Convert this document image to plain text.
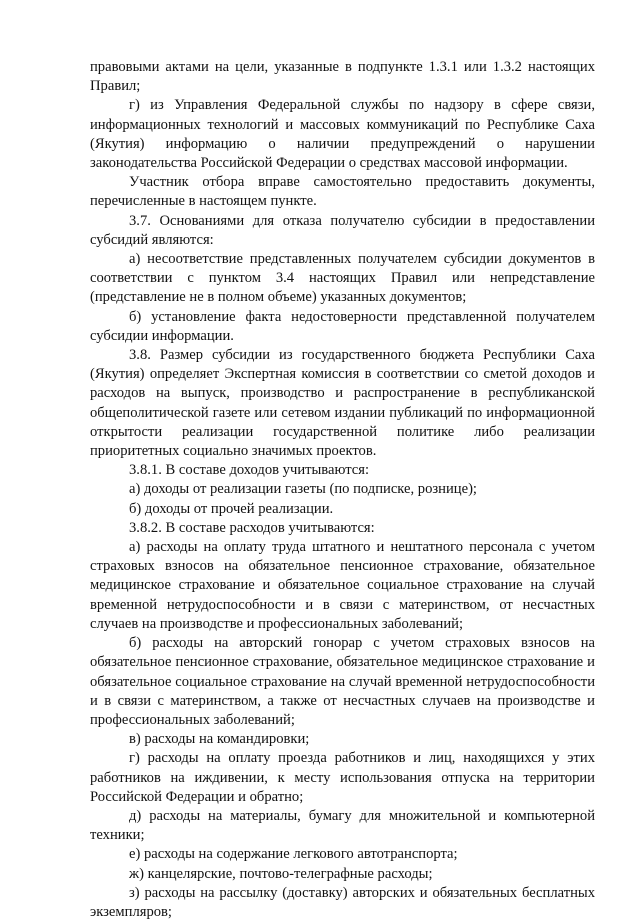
правовыми актами на цели, указанные в подпункте 1.3.1 или 1.3.2 настоящих Правил;

г) из Управления Федеральной службы по надзору в сфере связи, информационных технологий и массовых коммуникаций по Республике Саха (Якутия) информацию о наличии предупреждений о нарушении законодательства Российской Федерации о средствах массовой информации.

Участник отбора вправе самостоятельно предоставить документы, перечисленные в настоящем пункте.

3.7. Основаниями для отказа получателю субсидии в предоставлении субсидий являются:

а) несоответствие представленных получателем субсидии документов в соответствии с пунктом 3.4 настоящих Правил или непредставление (представление не в полном объеме) указанных документов;

б) установление факта недостоверности представленной получателем субсидии информации.

3.8. Размер субсидии из государственного бюджета Республики Саха (Якутия) определяет Экспертная комиссия в соответствии со сметой доходов и расходов на выпуск, производство и распространение в республиканской общеполитической газете или сетевом издании публикаций по информационной открытости реализации государственной политике либо реализации приоритетных социально значимых проектов.

3.8.1. В составе доходов учитываются:

а) доходы от реализации газеты (по подписке, рознице);

б) доходы от прочей реализации.

3.8.2. В составе расходов учитываются:

а) расходы на оплату труда штатного и нештатного персонала с учетом страховых взносов на обязательное пенсионное страхование, обязательное медицинское страхование и обязательное социальное страхование на случай временной нетрудоспособности и в связи с материнством, от несчастных случаев на производстве и профессиональных заболеваний;

б) расходы на авторский гонорар с учетом страховых взносов на обязательное пенсионное страхование, обязательное медицинское страхование и обязательное социальное страхование на случай временной нетрудоспособности и в связи с материнством, а также от несчастных случаев на производстве и профессиональных заболеваний;

в) расходы на командировки;

г) расходы на оплату проезда работников и лиц, находящихся у этих работников на иждивении, к месту использования отпуска на территории Российской Федерации и обратно;

д) расходы на материалы, бумагу для множительной и компьютерной техники;

е) расходы на содержание легкового автотранспорта;

ж) канцелярские, почтово-телеграфные расходы;

з) расходы на рассылку (доставку) авторских и обязательных бесплатных экземпляров;
